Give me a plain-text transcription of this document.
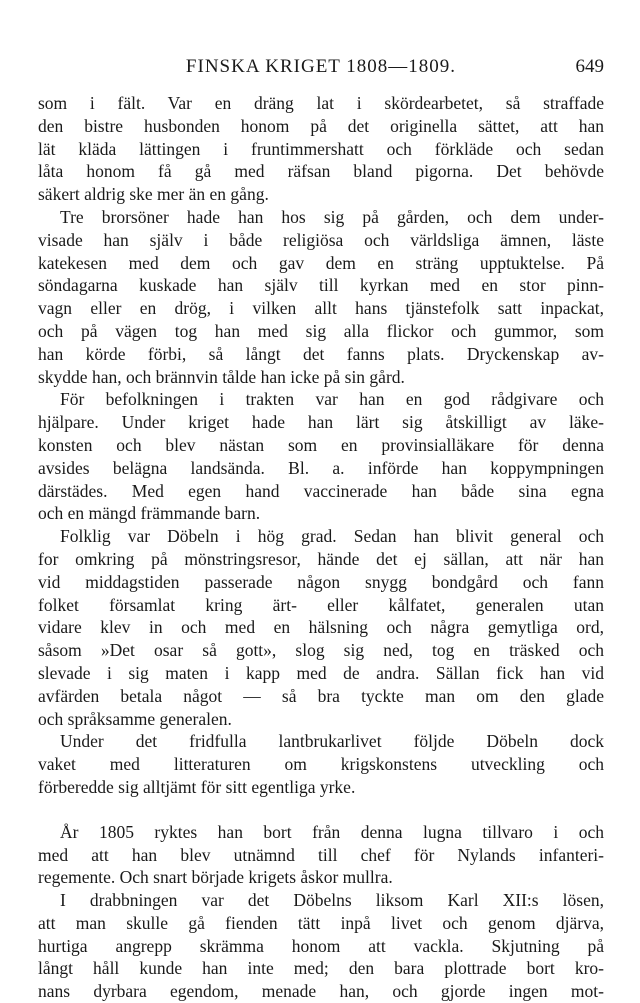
FINSKA KRIGET 1808—1809.	649
som i fält. Var en dräng lat i skördearbetet, så straffade
den bistre husbonden honom på det originella sättet, att han
lät kläda lättingen i fruntimmershatt och förkläde och sedan
låta honom få gå med räfsan bland pigorna. Det behövde
säkert aldrig ske mer än en gång.
Tre brorsöner hade han hos sig på gården, och dem under-
visade han själv i både religiösa och världsliga ämnen, läste
katekesen med dem och gav dem en sträng upptuktelse. På
söndagarna kuskade han själv till kyrkan med en stor pinn-
vagn eller en drög, i vilken allt hans tjänstefolk satt inpackat,
och på vägen tog han med sig alla flickor och gummor, som
han körde förbi, så långt det fanns plats. Dryckenskap av-
skydde han, och brännvin tålde han icke på sin gård.
För befolkningen i trakten var han en god rådgivare och
hjälpare. Under kriget hade han lärt sig åtskilligt av läke-
konsten och blev nästan som en provinsialläkare för denna
avsides belägna landsända. Bl. a. införde han koppympningen
därstädes. Med egen hand vaccinerade han både sina egna
och en mängd främmande barn.
Folklig var Döbeln i hög grad. Sedan han blivit general och
for omkring på mönstringsresor, hände det ej sällan, att när han
vid middagstiden passerade någon snygg bondgård och fann
folket församlat kring ärt- eller kålfatet, generalen utan
vidare klev in och med en hälsning och några gemytliga ord,
såsom »Det osar så gott», slog sig ned, tog en träsked och
slevade i sig maten i kapp med de andra. Sällan fick han vid
avfärden betala något — så bra tyckte man om den glade
och språksamme generalen.
Under det fridfulla lantbrukarlivet följde Döbeln dock
vaket med litteraturen om krigskonstens utveckling och
förberedde sig alltjämt för sitt egentliga yrke.
År 1805 ryktes han bort från denna lugna tillvaro i och
med att han blev utnämnd till chef för Nylands infanteri-
regemente. Och snart började krigets åskor mullra.
I drabbningen var det Döbelns liksom Karl XII:s lösen,
att man skulle gå fienden tätt inpå livet och genom djärva,
hurtiga angrepp skrämma honom att vackla. Skjutning på
långt håll kunde han inte med; den bara plottrade bort kro-
nans dyrbara egendom, menade han, och gjorde ingen mot-
